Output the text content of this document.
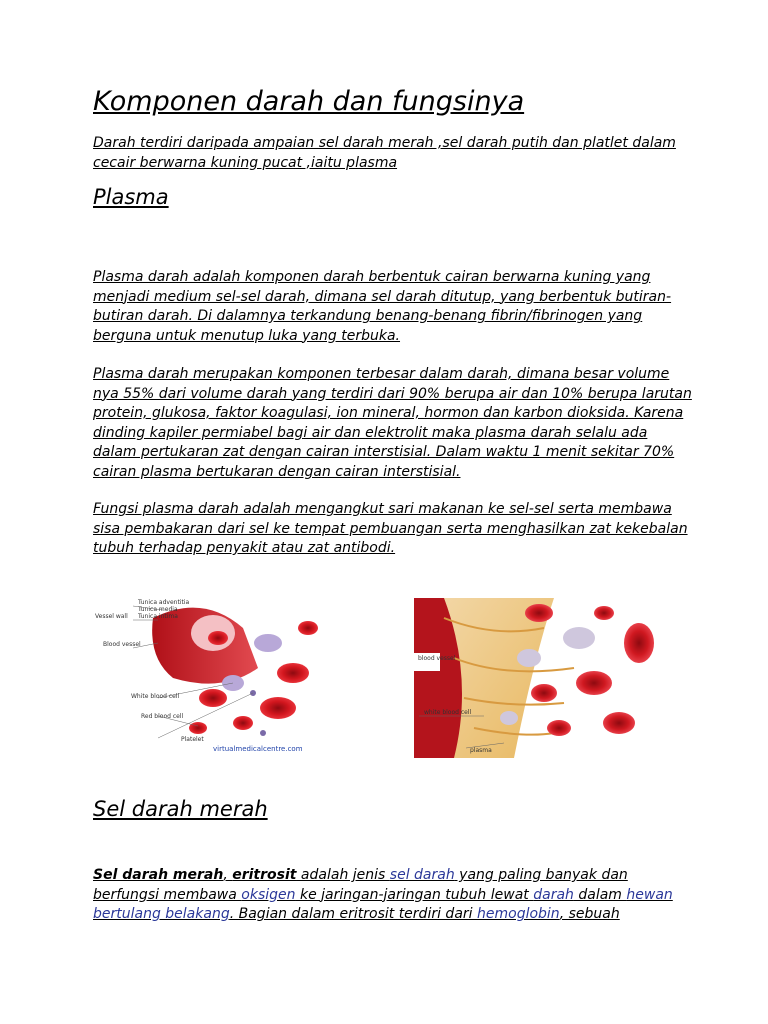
Komponen darah dan fungsinya

Darah terdiri daripada ampaian sel darah merah ,sel darah putih dan platlet dalam
cecair berwarna kuning pucat ,iaitu plasma

Plasma

Plasma darah adalah komponen darah berbentuk cairan berwarna kuning yang
menjadi medium sel-sel darah, dimana sel darah ditutup, yang berbentuk butiran-
butiran darah. Di dalamnya terkandung benang-benang fibrin/fibrinogen yang
berguna untuk menutup luka yang terbuka.

Plasma darah merupakan komponen terbesar dalam darah, dimana besar volume
nya 55% dari volume darah yang terdiri dari 90% berupa air dan 10% berupa larutan
protein, glukosa, faktor koagulasi, ion mineral, hormon dan karbon dioksida. Karena
dinding kapiler permiabel bagi air dan elektrolit maka plasma darah selalu ada
dalam pertukaran zat dengan cairan interstisial. Dalam waktu 1 menit sekitar 70%
cairan plasma bertukaran dengan cairan interstisial.

Fungsi plasma darah adalah mengangkut sari makanan ke sel-sel serta membawa
sisa pembakaran dari sel ke tempat pembuangan serta menghasilkan zat kekebalan
tubuh terhadap penyakit atau zat antibodi.

Tunica adventitia
Tunica media
Tunica intima
Vessel wall
Blood vessel
White blood cell
Red blood cell
Platelet
virtualmedicalcentre.com
blood vessel
white blood cell
plasma
Sel darah merah

Sel darah merah, eritrosit adalah jenis sel darah yang paling banyak dan
berfungsi membawa oksigen ke jaringan-jaringan tubuh lewat darah dalam hewan
bertulang belakang. Bagian dalam eritrosit terdiri dari hemoglobin, sebuah
